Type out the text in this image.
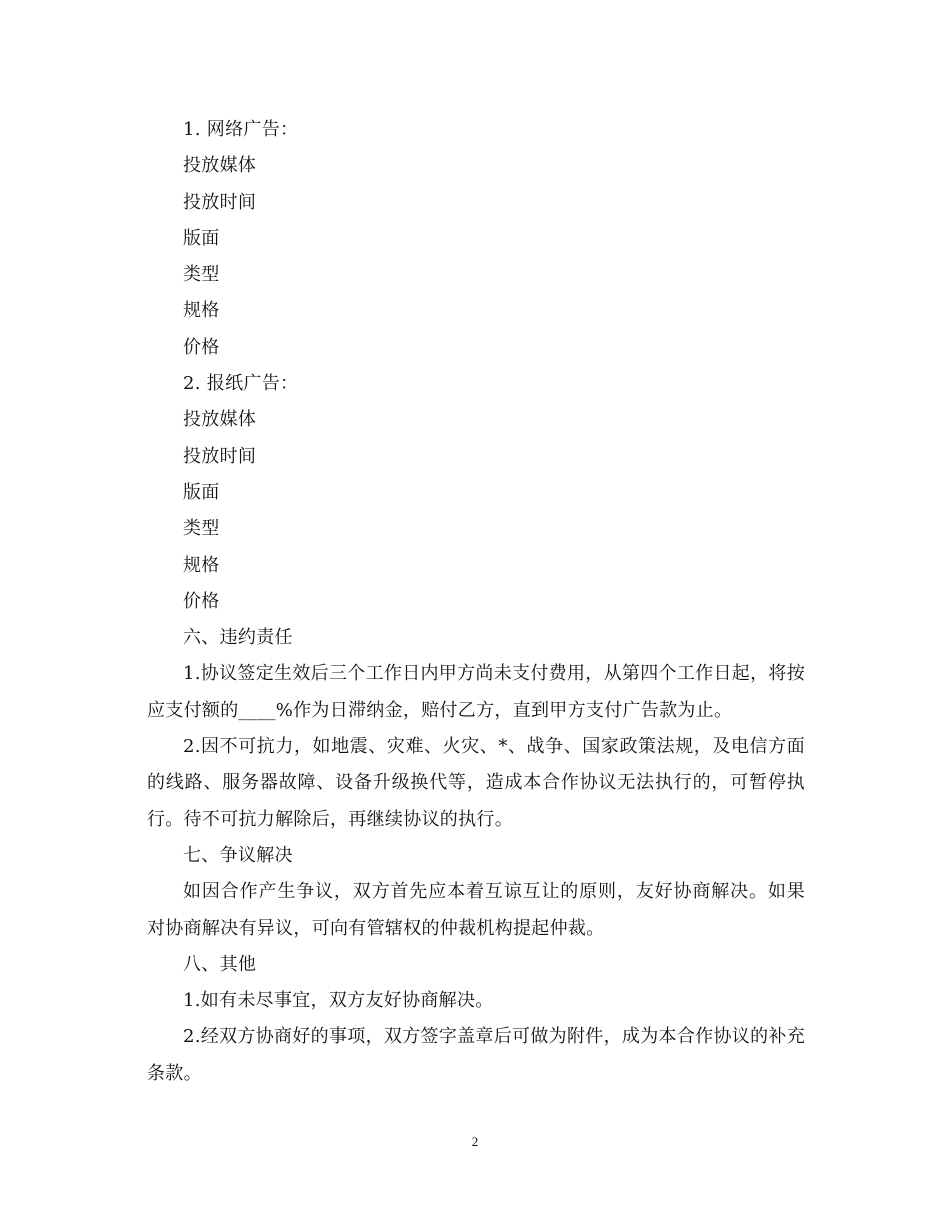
1. 网络广告：

投放媒体

投放时间

版面

类型

规格

价格

2. 报纸广告：

投放媒体

投放时间

版面

类型

规格

价格

六、违约责任

1.协议签定生效后三个工作日内甲方尚未支付费用，从第四个工作日起，将按应支付额的____%作为日滞纳金，赔付乙方，直到甲方支付广告款为止。

2.因不可抗力，如地震、灾难、火灾、*、战争、国家政策法规，及电信方面的线路、服务器故障、设备升级换代等，造成本合作协议无法执行的，可暂停执行。待不可抗力解除后，再继续协议的执行。

七、争议解决

如因合作产生争议，双方首先应本着互谅互让的原则，友好协商解决。如果对协商解决有异议，可向有管辖权的仲裁机构提起仲裁。

八、其他

1.如有未尽事宜，双方友好协商解决。

2.经双方协商好的事项，双方签字盖章后可做为附件，成为本合作协议的补充条款。

2
